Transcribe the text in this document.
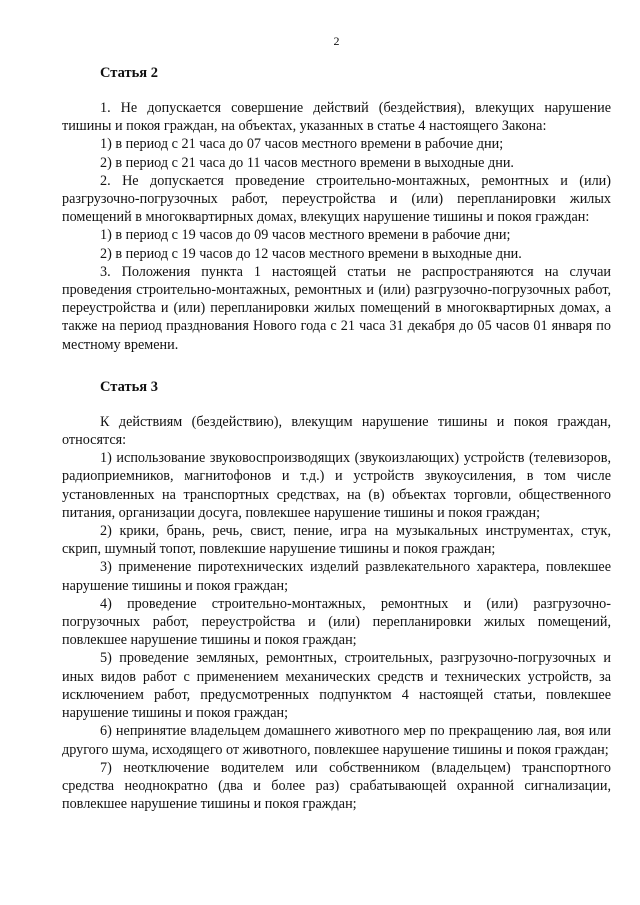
2
Статья 2

1. Не допускается совершение действий (бездействия), влекущих нарушение тишины и покоя граждан, на объектах, указанных в статье 4 настоящего Закона:

1) в период с 21 часа до 07 часов местного времени в рабочие дни;

2) в период с 21 часа до 11 часов местного времени в выходные дни.

2. Не допускается проведение строительно-монтажных, ремонтных и (или) разгрузочно-погрузочных работ, переустройства и (или) перепланировки жилых помещений в многоквартирных домах, влекущих нарушение тишины и покоя граждан:

1) в период с 19 часов до 09 часов местного времени в рабочие дни;

2) в период с 19 часов до 12 часов местного времени в выходные дни.

3. Положения пункта 1 настоящей статьи не распространяются на случаи проведения строительно-монтажных, ремонтных и (или) разгрузочно-погрузочных работ, переустройства и (или) перепланировки жилых помещений в многоквартирных домах, а также на период празднования Нового года с 21 часа 31 декабря до 05 часов 01 января по местному времени.

Статья 3

К действиям (бездействию), влекущим нарушение тишины и покоя граждан, относятся:

1) использование звуковоспроизводящих (звукоизлающих) устройств (телевизоров, радиоприемников, магнитофонов и т.д.) и устройств звукоусиления, в том числе установленных на транспортных средствах, на (в) объектах торговли, общественного питания, организации досуга, повлекшее нарушение тишины и покоя граждан;

2) крики, брань, речь, свист, пение, игра на музыкальных инструментах, стук, скрип, шумный топот, повлекшие нарушение тишины и покоя граждан;

3) применение пиротехнических изделий развлекательного характера, повлекшее нарушение тишины и покоя граждан;

4) проведение строительно-монтажных, ремонтных и (или) разгрузочно-погрузочных работ, переустройства и (или) перепланировки жилых помещений, повлекшее нарушение тишины и покоя граждан;

5) проведение земляных, ремонтных, строительных, разгрузочно-погрузочных и иных видов работ с применением механических средств и технических устройств, за исключением работ, предусмотренных подпунктом 4 настоящей статьи, повлекшее нарушение тишины и покоя граждан;

6) непринятие владельцем домашнего животного мер по прекращению лая, воя или другого шума, исходящего от животного, повлекшее нарушение тишины и покоя граждан;

7) неотключение водителем или собственником (владельцем) транспортного средства неоднократно (два и более раз) срабатывающей охранной сигнализации, повлекшее нарушение тишины и покоя граждан;
